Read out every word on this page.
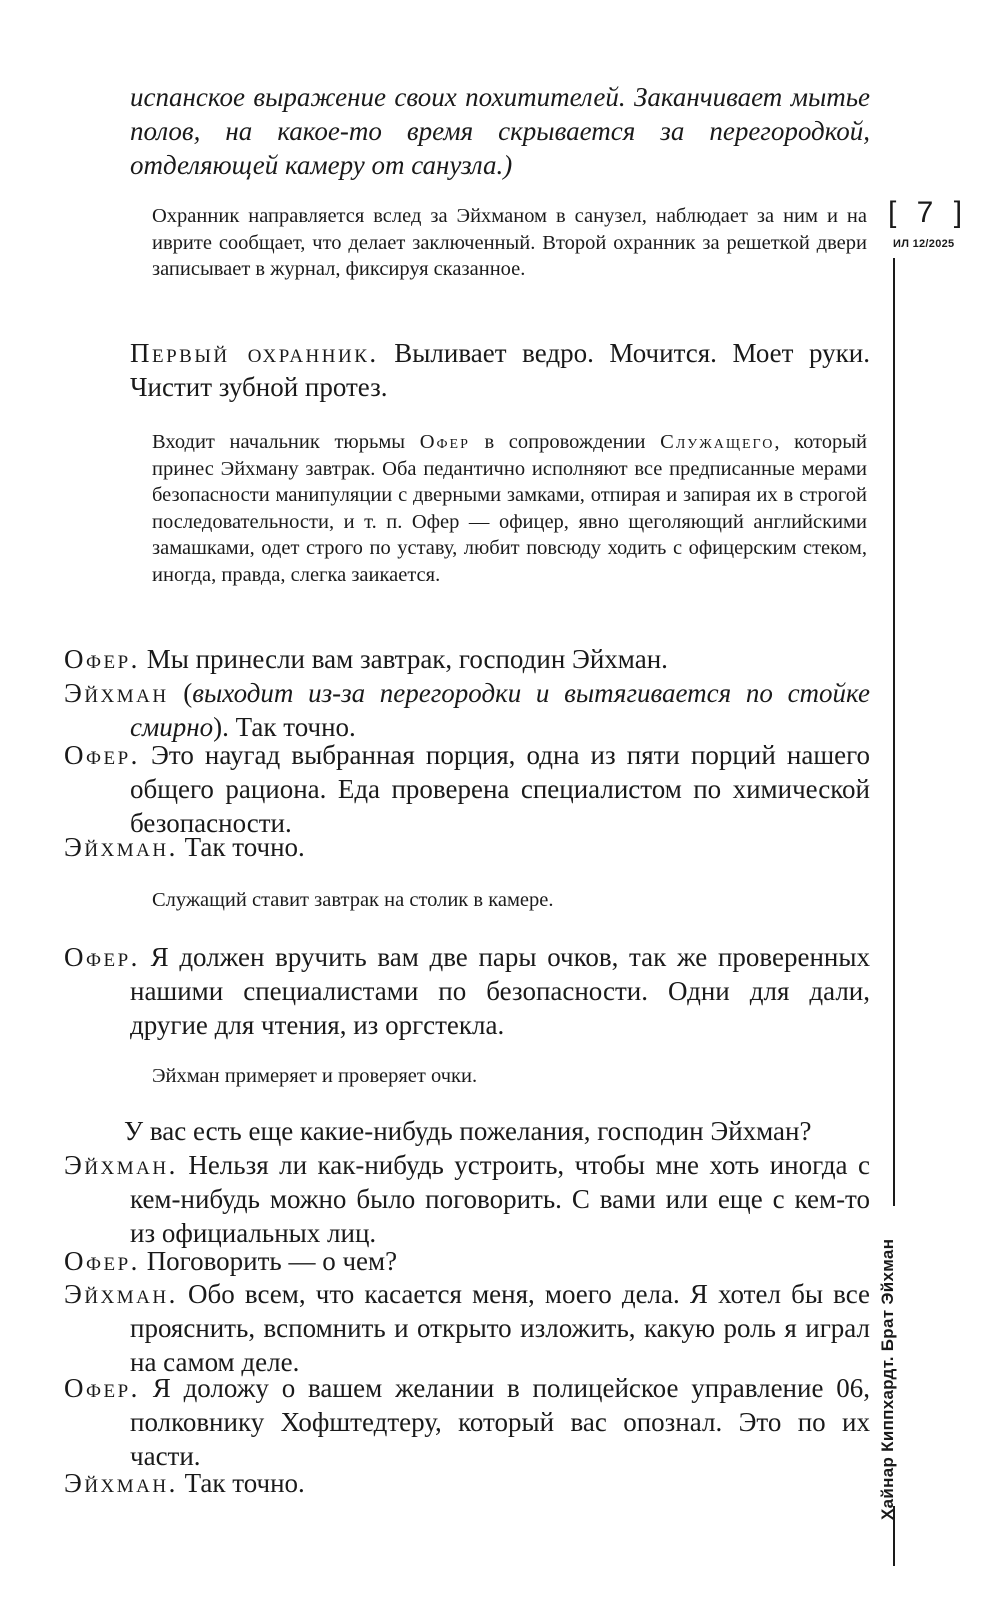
испанское выражение своих похитителей. Заканчивает мытье полов, на какое-то время скрывается за перегородкой, отделяющей камеру от санузла.)
Охранник направляется вслед за Эйхманом в санузел, наблюдает за ним и на иврите сообщает, что делает заключенный. Второй охранник за решеткой двери записывает в журнал, фиксируя сказанное.
Первый охранник. Выливает ведро. Мочится. Моет руки. Чистит зубной протез.
Входит начальник тюрьмы Офер в сопровождении Служащего, который принес Эйхману завтрак. Оба педантично исполняют все предписанные мерами безопасности манипуляции с дверными замками, отпирая и запирая их в строгой последовательности, и т. п. Офер — офицер, явно щеголяющий английскими замашками, одет строго по уставу, любит повсюду ходить с офицерским стеком, иногда, правда, слегка заикается.
Офер. Мы принесли вам завтрак, господин Эйхман.
Эйхман (выходит из-за перегородки и вытягивается по стойке смирно). Так точно.
Офер. Это наугад выбранная порция, одна из пяти порций нашего общего рациона. Еда проверена специалистом по химической безопасности.
Эйхман. Так точно.
Служащий ставит завтрак на столик в камере.
Офер. Я должен вручить вам две пары очков, так же проверенных нашими специалистами по безопасности. Одни для дали, другие для чтения, из оргстекла.
Эйхман примеряет и проверяет очки.
У вас есть еще какие-нибудь пожелания, господин Эйхман?
Эйхман. Нельзя ли как-нибудь устроить, чтобы мне хоть иногда с кем-нибудь можно было поговорить. С вами или еще с кем-то из официальных лиц.
Офер. Поговорить — о чем?
Эйхман. Обо всем, что касается меня, моего дела. Я хотел бы все прояснить, вспомнить и открыто изложить, какую роль я играл на самом деле.
Офер. Я доложу о вашем желании в полицейское управление 06, полковнику Хофштедтеру, который вас опознал. Это по их части.
Эйхман. Так точно.
[ 7 ]
ИЛ 12/2025
Хайнар Киппхардт. Брат Эйхман
